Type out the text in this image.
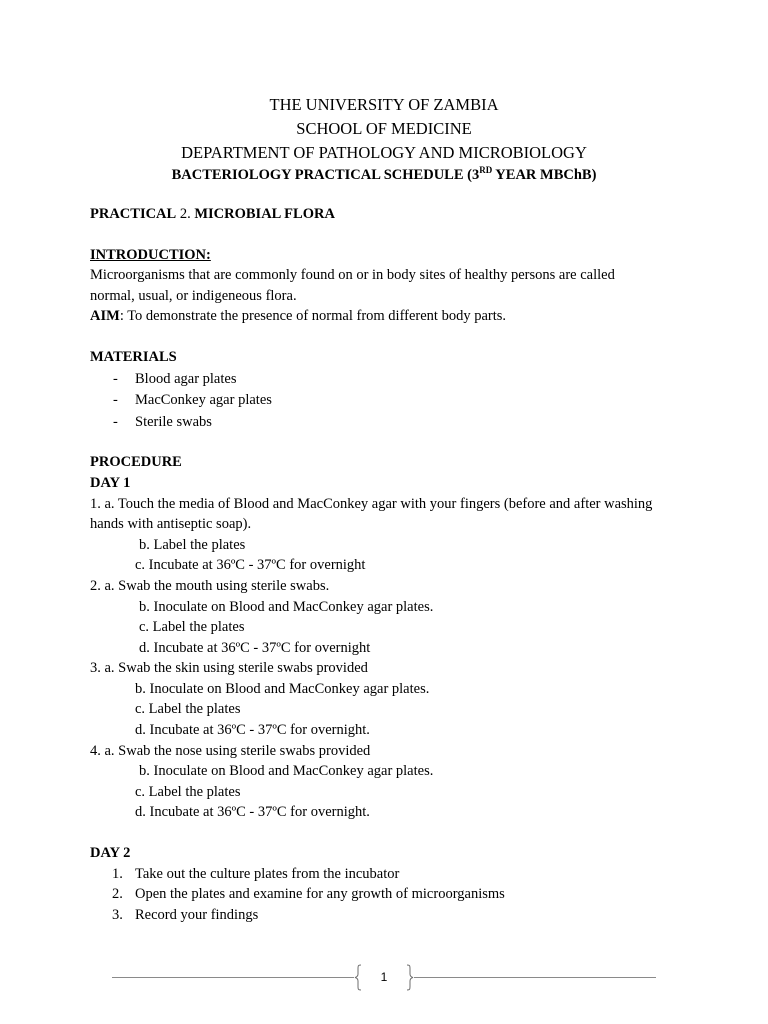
THE UNIVERSITY OF ZAMBIA
SCHOOL OF MEDICINE
DEPARTMENT OF PATHOLOGY AND MICROBIOLOGY
BACTERIOLOGY PRACTICAL SCHEDULE (3RD YEAR MBChB)
PRACTICAL 2. MICROBIAL FLORA
INTRODUCTION:
Microorganisms that are commonly found on or in body sites of healthy persons are called
normal, usual, or indigeneous flora.
AIM: To demonstrate the presence of normal from different body parts.
MATERIALS
- Blood agar plates
- MacConkey agar plates
- Sterile swabs
PROCEDURE
DAY 1
1. a. Touch the media of Blood and MacConkey agar with your fingers (before and after washing
hands with antiseptic soap).
b. Label the plates
c. Incubate at 36ºC - 37ºC for overnight
2. a. Swab the mouth using sterile swabs.
b. Inoculate on Blood and MacConkey agar plates.
c. Label the plates
d. Incubate at 36ºC - 37ºC for overnight
3. a. Swab the skin using sterile swabs provided
b. Inoculate on Blood and MacConkey agar plates.
c. Label the plates
d. Incubate at 36ºC - 37ºC for overnight.
4. a. Swab the nose using sterile swabs provided
b. Inoculate on Blood and MacConkey agar plates.
c. Label the plates
d. Incubate at 36ºC - 37ºC for overnight.
DAY 2
1. Take out the culture plates from the incubator
2. Open the plates and examine for any growth of microorganisms
3. Record your findings
1
